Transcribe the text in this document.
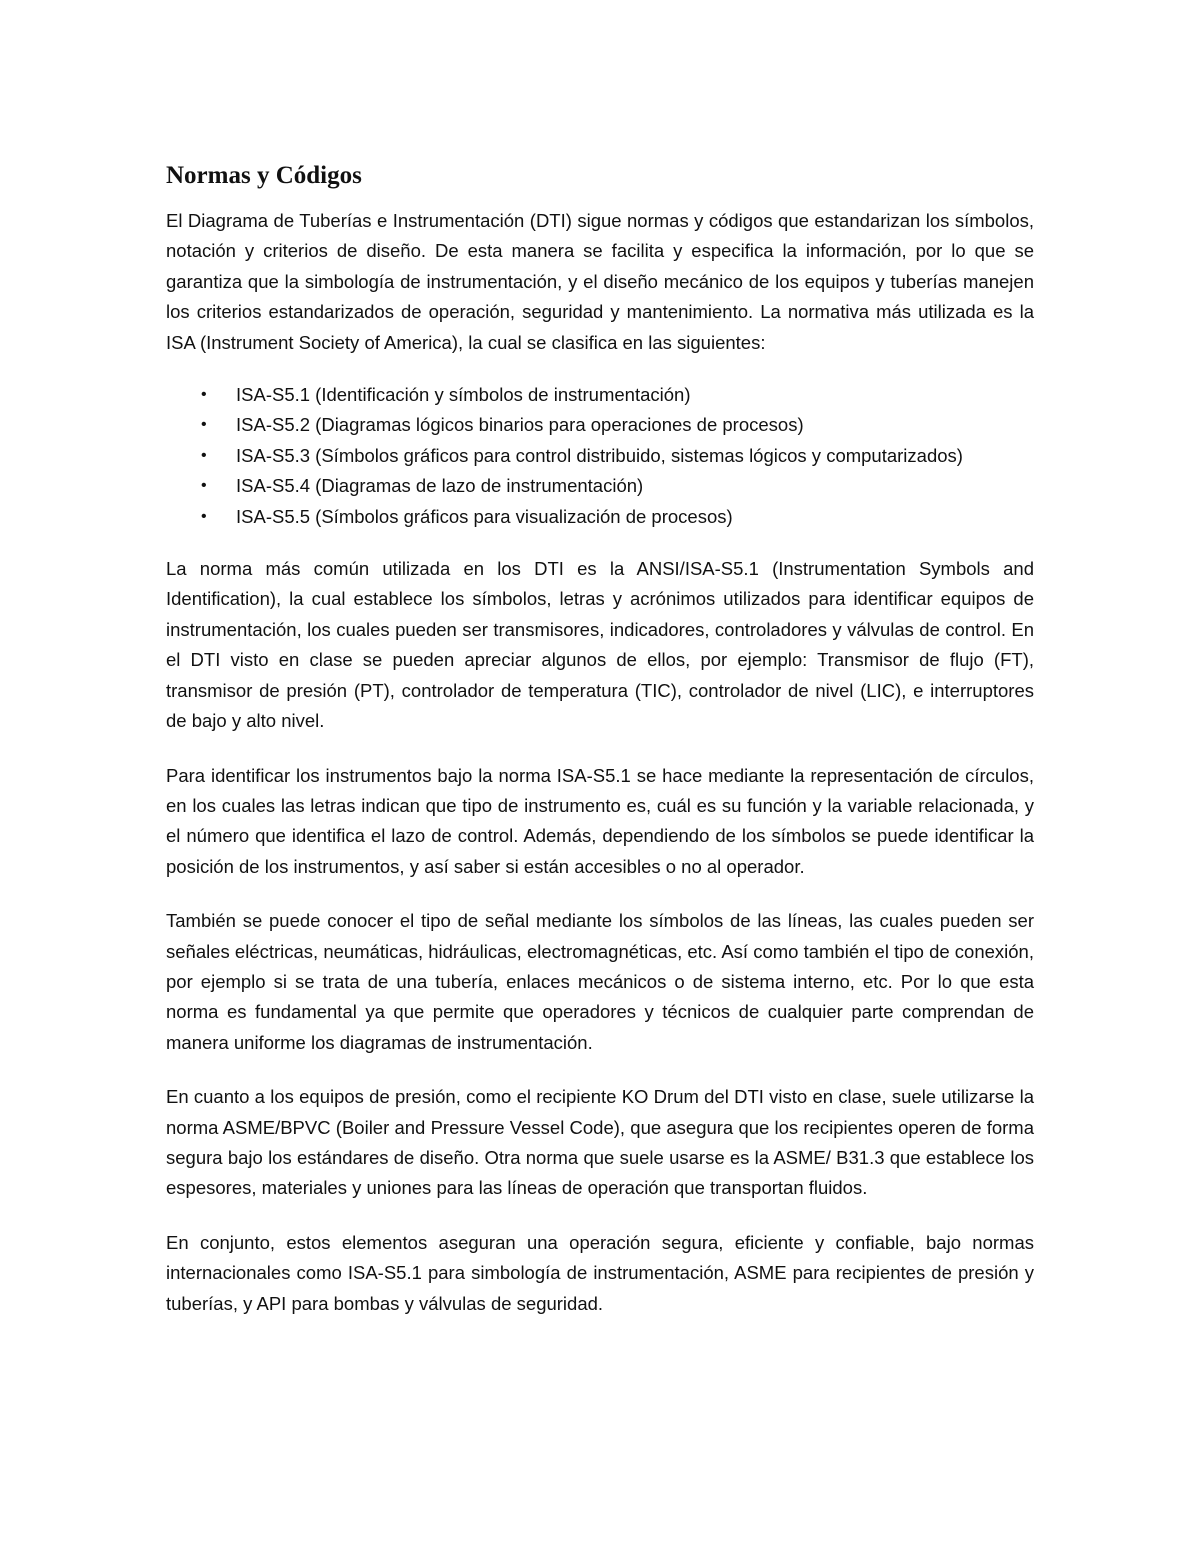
Normas y Códigos

El Diagrama de Tuberías e Instrumentación (DTI) sigue normas y códigos que estandarizan los símbolos, notación y criterios de diseño. De esta manera se facilita y especifica la información, por lo que se garantiza que la simbología de instrumentación, y el diseño mecánico de los equipos y tuberías manejen los criterios estandarizados de operación, seguridad y mantenimiento. La normativa más utilizada es la ISA (Instrument Society of America), la cual se clasifica en las siguientes:

• ISA-S5.1 (Identificación y símbolos de instrumentación)
• ISA-S5.2 (Diagramas lógicos binarios para operaciones de procesos)
• ISA-S5.3 (Símbolos gráficos para control distribuido, sistemas lógicos y computarizados)
• ISA-S5.4 (Diagramas de lazo de instrumentación)
• ISA-S5.5 (Símbolos gráficos para visualización de procesos)

La norma más común utilizada en los DTI es la ANSI/ISA-S5.1 (Instrumentation Symbols and Identification), la cual establece los símbolos, letras y acrónimos utilizados para identificar equipos de instrumentación, los cuales pueden ser transmisores, indicadores, controladores y válvulas de control. En el DTI visto en clase se pueden apreciar algunos de ellos, por ejemplo: Transmisor de flujo (FT), transmisor de presión (PT), controlador de temperatura (TIC), controlador de nivel (LIC), e interruptores de bajo y alto nivel.

Para identificar los instrumentos bajo la norma ISA-S5.1 se hace mediante la representación de círculos, en los cuales las letras indican que tipo de instrumento es, cuál es su función y la variable relacionada, y el número que identifica el lazo de control. Además, dependiendo de los símbolos se puede identificar la posición de los instrumentos, y así saber si están accesibles o no al operador.

También se puede conocer el tipo de señal mediante los símbolos de las líneas, las cuales pueden ser señales eléctricas, neumáticas, hidráulicas, electromagnéticas, etc. Así como también el tipo de conexión, por ejemplo si se trata de una tubería, enlaces mecánicos o de sistema interno, etc. Por lo que esta norma es fundamental ya que permite que operadores y técnicos de cualquier parte comprendan de manera uniforme los diagramas de instrumentación.

En cuanto a los equipos de presión, como el recipiente KO Drum del DTI visto en clase, suele utilizarse la norma ASME/BPVC (Boiler and Pressure Vessel Code), que asegura que los recipientes operen de forma segura bajo los estándares de diseño. Otra norma que suele usarse es la ASME/ B31.3 que establece los espesores, materiales y uniones para las líneas de operación que transportan fluidos.

En conjunto, estos elementos aseguran una operación segura, eficiente y confiable, bajo normas internacionales como ISA-S5.1 para simbología de instrumentación, ASME para recipientes de presión y tuberías, y API para bombas y válvulas de seguridad.
